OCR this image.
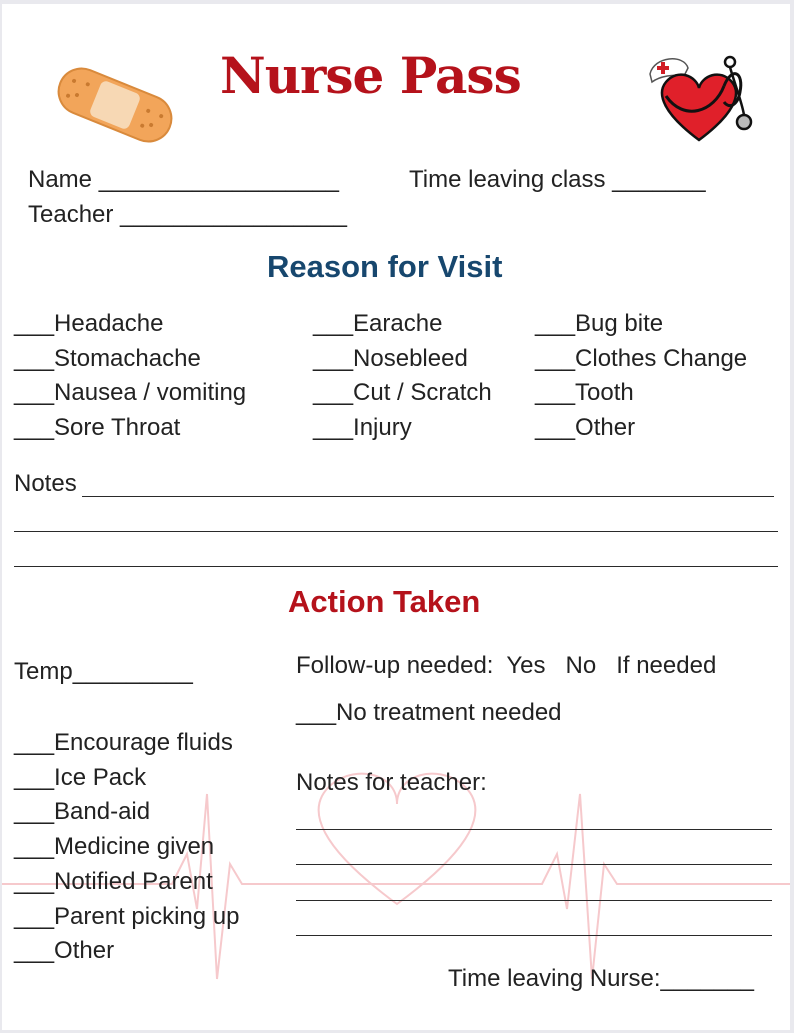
Nurse Pass

Name __________________	Time leaving class _______
Teacher _________________
Reason for Visit
___Headache
___Stomachache
___Nausea / vomiting
___Sore Throat
___Earache
___Nosebleed
___Cut / Scratch
___Injury
___Bug bite
___Clothes Change
___Tooth
___Other
Notes
Action Taken
Temp_________	Follow-up needed:  Yes   No   If needed
___No treatment needed
___Encourage fluids
___Ice Pack
___Band-aid
___Medicine given
___Notified Parent
___Parent picking up
___Other
Notes for teacher:
Time leaving Nurse:_______
